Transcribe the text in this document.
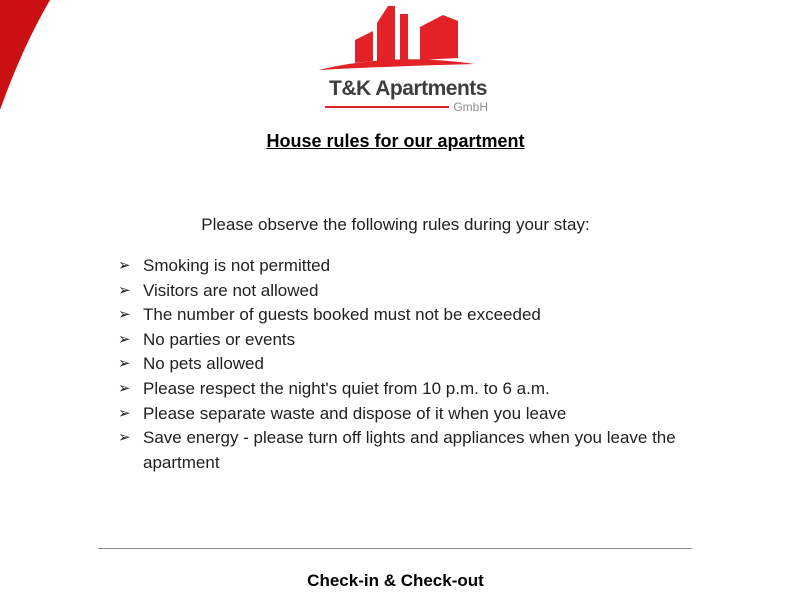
T&K Apartments
GmbH
House rules for our apartment
Please observe the following rules during your stay:
➢ Smoking is not permitted
➢ Visitors are not allowed
➢ The number of guests booked must not be exceeded
➢ No parties or events
➢ No pets allowed
➢ Please respect the night's quiet from 10 p.m. to 6 a.m.
➢ Please separate waste and dispose of it when you leave
➢ Save energy - please turn off lights and appliances when you leave the apartment
Check-in & Check-out
